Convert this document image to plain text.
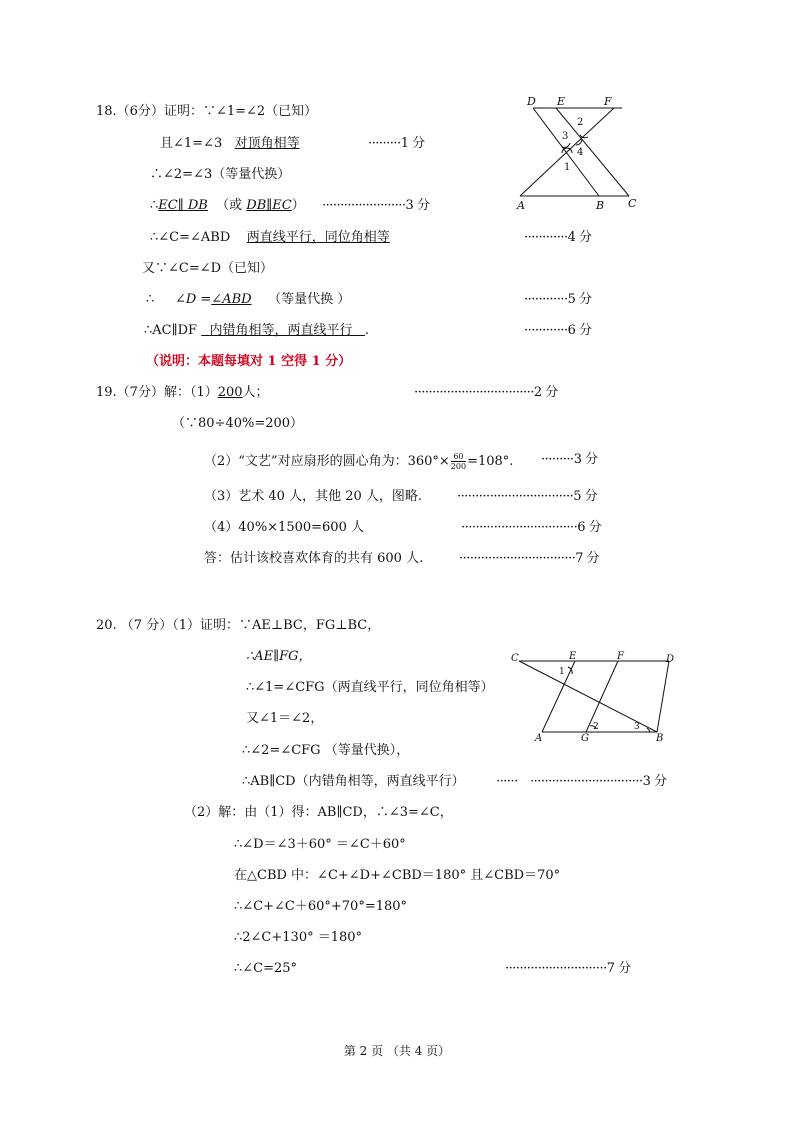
18.（6分）证明：∵∠1=∠2（已知）
且∠1=∠3 对顶角相等	·········1 分
∴∠2=∠3（等量代换）
∴EC∥ DB （或 DB∥EC） ·······················3 分
∴∠C=∠ABD 两直线平行，同位角相等	············4 分
又∵∠C=∠D（已知）
∴ ∠D =∠ABD （等量代换 ）	············5 分
∴AC∥DF 内错角相等，两直线平行 .	············6 分
（说明：本题每填对 1 空得 1 分）
D E	F
A	B C
3
2
4
1
19.（7分）解：（1）200人；	·································2 分
（∵80÷40%=200）
（2）“文艺”对应扇形的圆心角为：$360^\circ\times \frac{60}{200} =108^\circ$. ·········3 分
（3）艺术 40 人，其他 20 人，图略.	································5 分
（4）40%×1500=600 人	································6 分
答：估计该校喜欢体育的共有 600 人.	································7 分
20. （7 分）（1）证明：∵AE⊥BC，FG⊥BC，
∴AE∥FG，
∴∠1=∠CFG（两直线平行，同位角相等）
又∠1＝∠2，
∴∠2=∠CFG （等量代换），
∴AB∥CD（内错角相等，两直线平行） ······ ·······························3 分
（2）解：由（1）得：AB∥CD，∴∠3=∠C，
∴∠D＝∠3＋60° ＝∠C＋60°
在△CBD 中：∠C+∠D+∠CBD＝180° 且∠CBD＝70°
∴∠C+∠C＋60°+70°=180°
∴2∠C+130° ＝180°
∴∠C=25°	····························7 分
C	E	F	D
A	G	B
1
2	3
第 2 页 （共 4 页）
